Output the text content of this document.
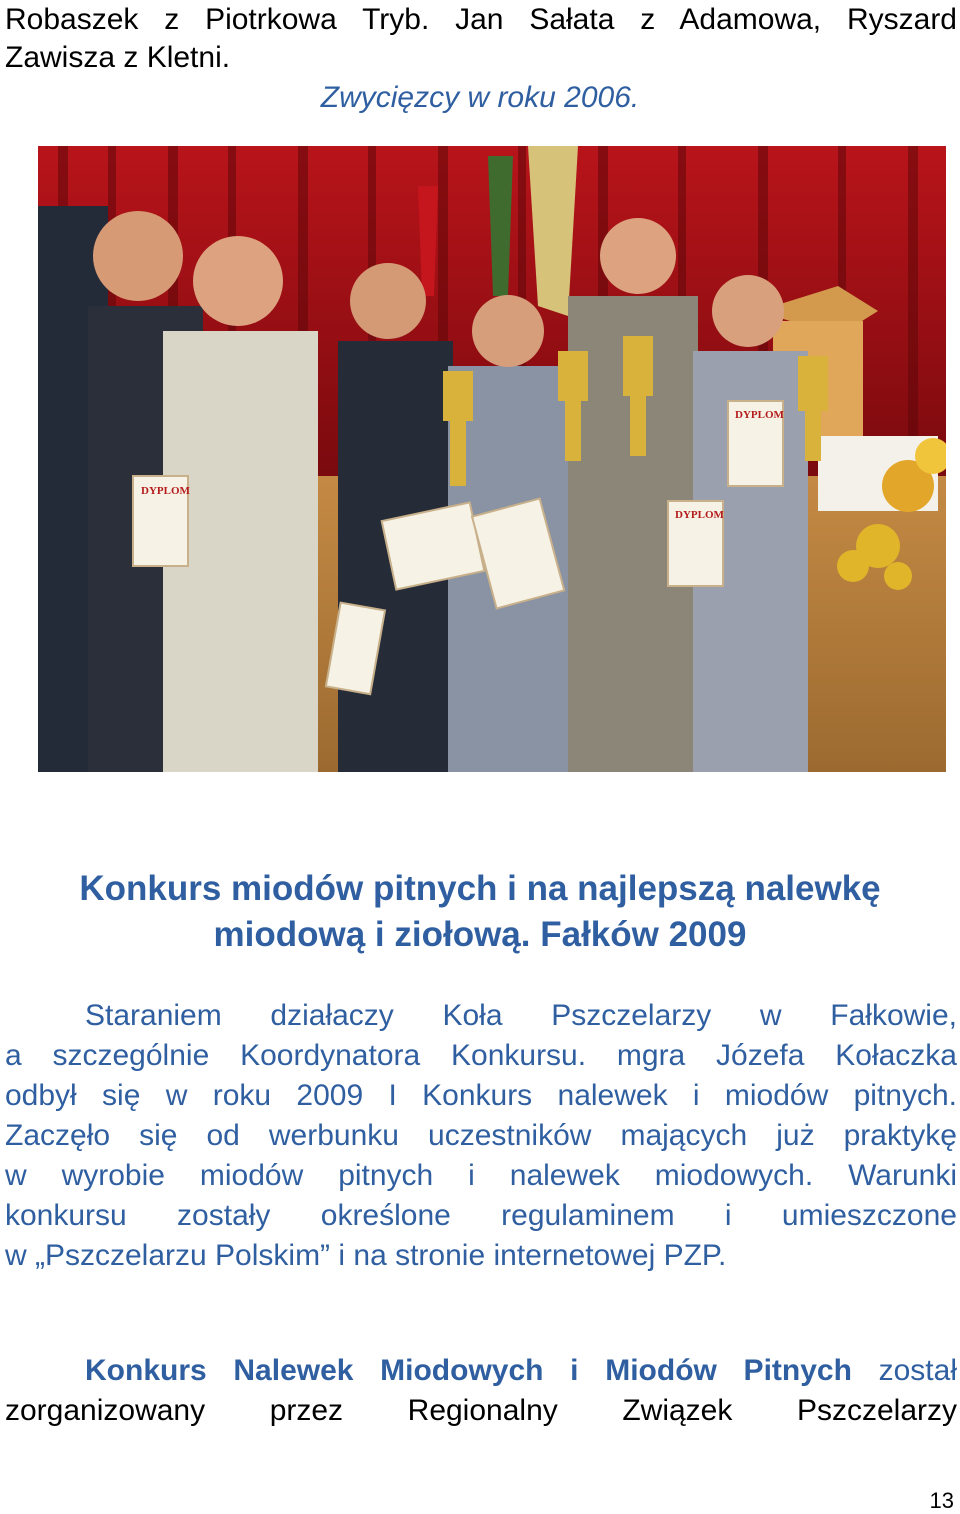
Robaszek z Piotrkowa Tryb. Jan Sałata z Adamowa, Ryszard
Zawisza z Kletni.
Zwycięzcy w roku 2006.
DYPLOM
DYPLOM
DYPLOM
Konkurs miodów pitnych i na najlepszą nalewkę
miodową i ziołową. Fałków 2009
Staraniem działaczy Koła Pszczelarzy w Fałkowie,
a szczególnie Koordynatora Konkursu. mgra Józefa Kołaczka
odbył się w roku 2009 I Konkurs nalewek i miodów pitnych.
Zaczęło się od werbunku uczestników mających już praktykę
w wyrobie miodów pitnych i nalewek miodowych. Warunki
konkursu zostały określone regulaminem i umieszczone
w „Pszczelarzu Polskim” i na stronie internetowej PZP.
Konkurs Nalewek Miodowych i Miodów Pitnych został
zorganizowany przez Regionalny Związek Pszczelarzy
13
